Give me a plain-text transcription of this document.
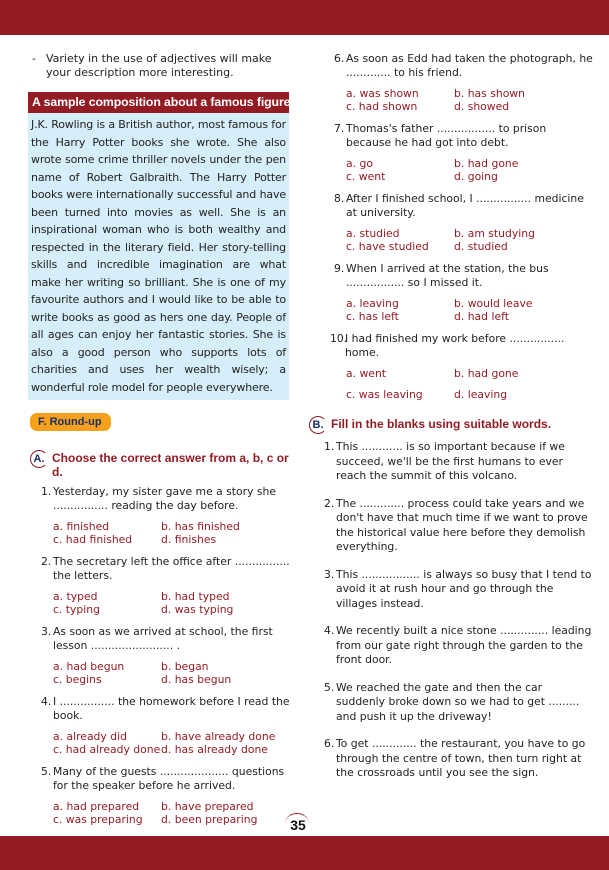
- Variety in the use of adjectives will make your description more interesting.
A sample composition about a famous figure.
J.K. Rowling is a British author, most famous for the Harry Potter books she wrote. She also wrote some crime thriller novels under the pen name of Robert Galbraith. The Harry Potter books were internationally successful and have been turned into movies as well. She is an inspirational woman who is both wealthy and respected in the literary field. Her story-telling skills and incredible imagination are what make her writing so brilliant. She is one of my favourite authors and I would like to be able to write books as good as hers one day. People of all ages can enjoy her fantastic stories. She is also a good person who supports lots of charities and uses her wealth wisely; a wonderful role model for people everywhere.
F. Round-up
A. Choose the correct answer from a, b, c or d.
1. Yesterday, my sister gave me a story she ................ reading the day before.
a. finished	b. has finished
c. had finished	d. finishes
2. The secretary left the office after ................ the letters.
a. typed	b. had typed
c. typing	d. was typing
3. As soon as we arrived at school, the first lesson ........................ .
a. had begun	b. began
c. begins	d. has begun
4. I ................ the homework before I read the book.
a. already did	b. have already done
c. had already done d. has already done
5. Many of the guests .................... questions for the speaker before he arrived.
a. had prepared	b. have prepared
c. was preparing	d. been preparing
6. As soon as Edd had taken the photograph, he ............. to his friend.
a. was shown	b. has shown
c. had shown	d. showed
7. Thomas's father ................. to prison because he had got into debt.
a. go	b. had gone
c. went	d. going
8. After I finished school, I ................ medicine at university.
a. studied	b. am studying
c. have studied	d. studied
9. When I arrived at the station, the bus ................. so I missed it.
a. leaving	b. would leave
c. has left	d. had left
10.
I had finished my work before ................ home.
a. went	b. had gone
c. was leaving	d. leaving
B. Fill in the blanks using suitable words.
1. This ............ is so important because if we succeed, we'll be the first humans to ever reach the summit of this volcano.
2. The ............. process could take years and we don't have that much time if we want to prove the historical value here before they demolish everything.
3. This ................. is always so busy that I tend to avoid it at rush hour and go through the villages instead.
4. We recently built a nice stone .............. leading from our gate right through the garden to the front door.
5. We reached the gate and then the car suddenly broke down so we had to get ......... and push it up the driveway!
6. To get ............. the restaurant, you have to go through the centre of town, then turn right at the crossroads until you see the sign.
35
